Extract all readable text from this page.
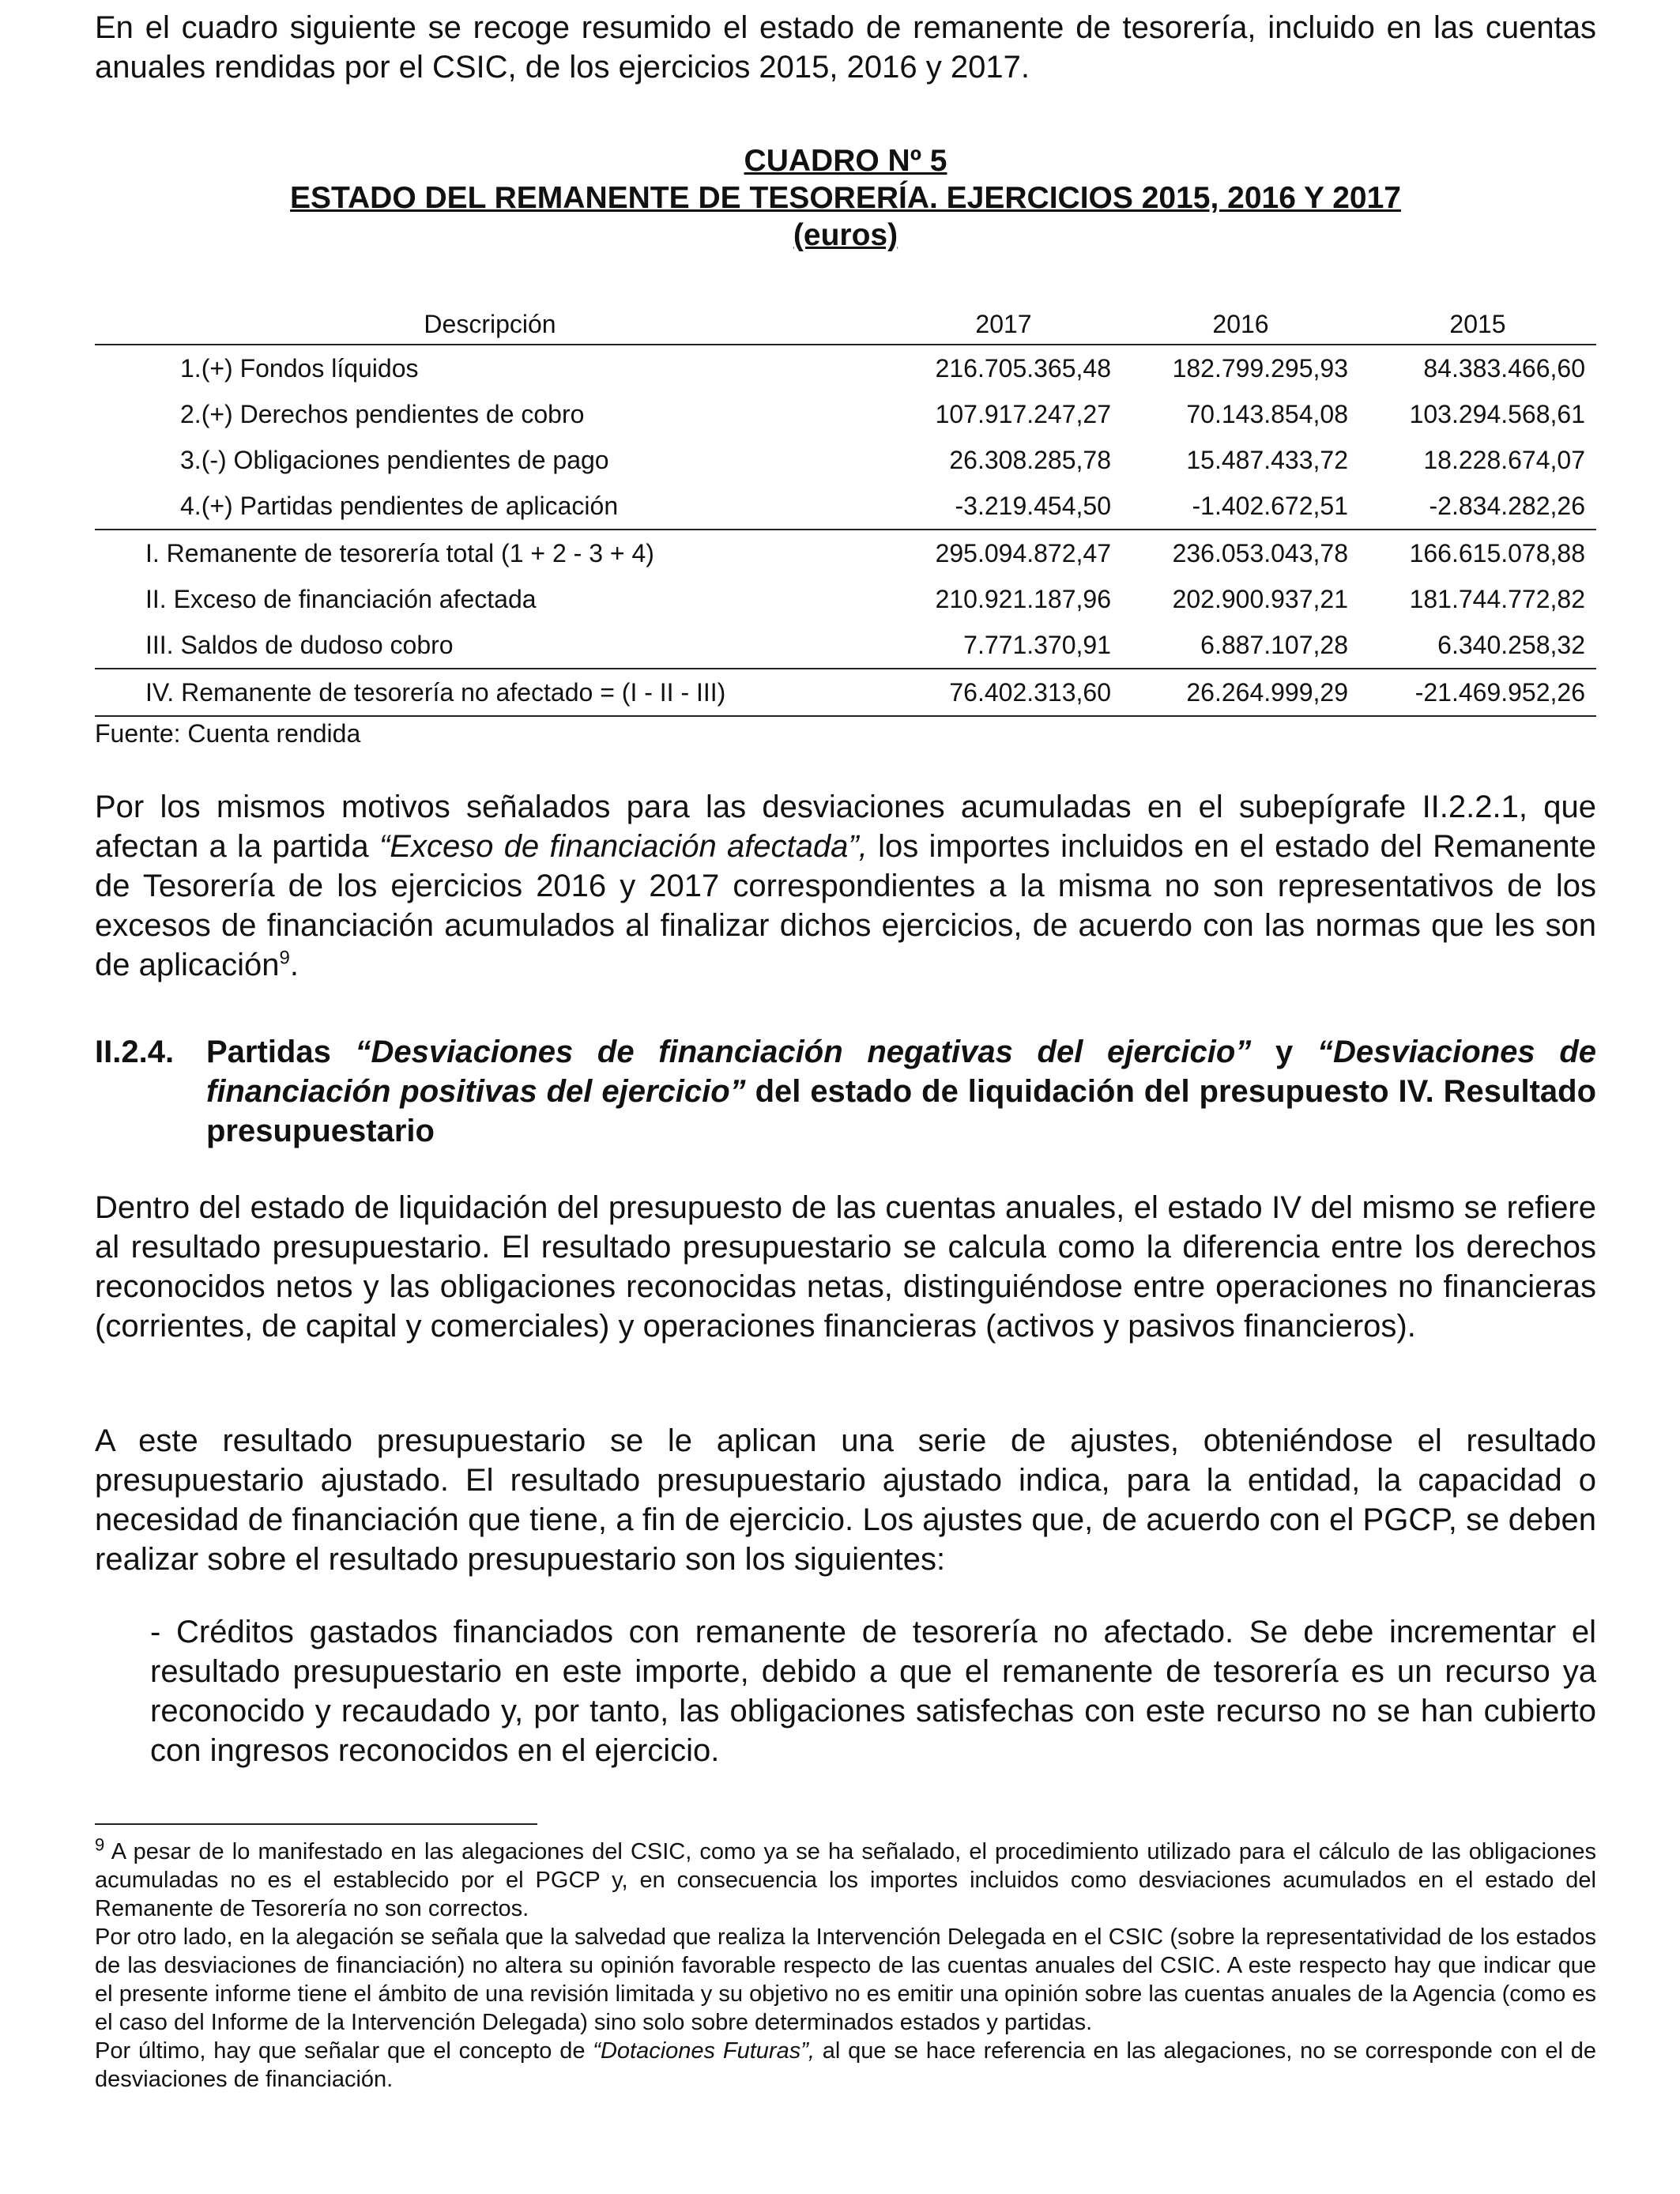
En el cuadro siguiente se recoge resumido el estado de remanente de tesorería, incluido en las cuentas anuales rendidas por el CSIC, de los ejercicios 2015, 2016 y 2017.

CUADRO Nº 5
ESTADO DEL REMANENTE DE TESORERÍA. EJERCICIOS 2015, 2016 Y 2017
(euros)
Descripción	2017	2016	2015
1.(+) Fondos líquidos	216.705.365,48	182.799.295,93	84.383.466,60
2.(+) Derechos pendientes de cobro	107.917.247,27	70.143.854,08	103.294.568,61
3.(-) Obligaciones pendientes de pago	26.308.285,78	15.487.433,72	18.228.674,07
4.(+) Partidas pendientes de aplicación	-3.219.454,50	-1.402.672,51	-2.834.282,26
I. Remanente de tesorería total (1 + 2 - 3 + 4)	295.094.872,47	236.053.043,78	166.615.078,88
II. Exceso de financiación afectada	210.921.187,96	202.900.937,21	181.744.772,82
III. Saldos de dudoso cobro	7.771.370,91	6.887.107,28	6.340.258,32
IV. Remanente de tesorería no afectado = (I - II - III)	76.402.313,60	26.264.999,29	-21.469.952,26
Fuente: Cuenta rendida

Por los mismos motivos señalados para las desviaciones acumuladas en el subepígrafe II.2.2.1, que afectan a la partida “Exceso de financiación afectada”, los importes incluidos en el estado del Remanente de Tesorería de los ejercicios 2016 y 2017 correspondientes a la misma no son representativos de los excesos de financiación acumulados al finalizar dichos ejercicios, de acuerdo con las normas que les son de aplicación$^9$.

II.2.4. Partidas “Desviaciones de financiación negativas del ejercicio” y “Desviaciones de financiación positivas del ejercicio” del estado de liquidación del presupuesto IV. Resultado presupuestario

Dentro del estado de liquidación del presupuesto de las cuentas anuales, el estado IV del mismo se refiere al resultado presupuestario. El resultado presupuestario se calcula como la diferencia entre los derechos reconocidos netos y las obligaciones reconocidas netas, distinguiéndose entre operaciones no financieras (corrientes, de capital y comerciales) y operaciones financieras (activos y pasivos financieros).

A este resultado presupuestario se le aplican una serie de ajustes, obteniéndose el resultado presupuestario ajustado. El resultado presupuestario ajustado indica, para la entidad, la capacidad o necesidad de financiación que tiene, a fin de ejercicio. Los ajustes que, de acuerdo con el PGCP, se deben realizar sobre el resultado presupuestario son los siguientes:

- Créditos gastados financiados con remanente de tesorería no afectado. Se debe incrementar el resultado presupuestario en este importe, debido a que el remanente de tesorería es un recurso ya reconocido y recaudado y, por tanto, las obligaciones satisfechas con este recurso no se han cubierto con ingresos reconocidos en el ejercicio.

$^9$ A pesar de lo manifestado en las alegaciones del CSIC, como ya se ha señalado, el procedimiento utilizado para el cálculo de las obligaciones acumuladas no es el establecido por el PGCP y, en consecuencia los importes incluidos como desviaciones acumulados en el estado del Remanente de Tesorería no son correctos.

Por otro lado, en la alegación se señala que la salvedad que realiza la Intervención Delegada en el CSIC (sobre la representatividad de los estados de las desviaciones de financiación) no altera su opinión favorable respecto de las cuentas anuales del CSIC. A este respecto hay que indicar que el presente informe tiene el ámbito de una revisión limitada y su objetivo no es emitir una opinión sobre las cuentas anuales de la Agencia (como es el caso del Informe de la Intervención Delegada) sino solo sobre determinados estados y partidas.

Por último, hay que señalar que el concepto de “Dotaciones Futuras”, al que se hace referencia en las alegaciones, no se corresponde con el de desviaciones de financiación.
